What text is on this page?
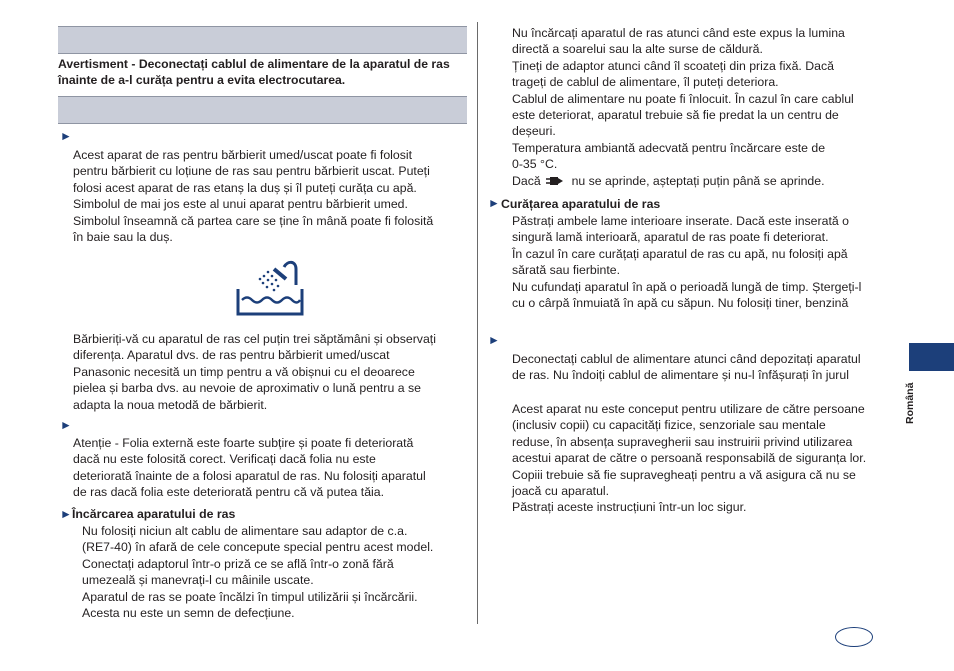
Avertisment - Deconectați cablul de alimentare de la aparatul de ras înainte de a-l curăța pentru a evita electrocutarea.
►

Acest aparat de ras pentru bărbierit umed/uscat poate fi folosit

pentru bărbierit cu loțiune de ras sau pentru bărbierit uscat. Puteți

folosi acest aparat de ras etanș la duș și îl puteți curăța cu apă.

Simbolul de mai jos este al unui aparat pentru bărbierit umed.

Simbolul înseamnă că partea care se ține în mână poate fi folosită

în baie sau la duș.

Bărbieriți-vă cu aparatul de ras cel puțin trei săptămâni și observați

diferența. Aparatul dvs. de ras pentru bărbierit umed/uscat

Panasonic necesită un timp pentru a vă obișnui cu el deoarece

pielea și barba dvs. au nevoie de aproximativ o lună pentru a se

adapta la noua metodă de bărbierit.

►

Atenție - Folia externă este foarte subțire și poate fi deteriorată

dacă nu este folosită corect. Verificați dacă folia nu este

deteriorată înainte de a folosi aparatul de ras. Nu folosiți aparatul

de ras dacă folia este deteriorată pentru că vă putea tăia.

► Încărcarea aparatului de ras

Nu folosiți niciun alt cablu de alimentare sau adaptor de c.a.

(RE7-40) în afară de cele concepute special pentru acest model.

Conectați adaptorul într-o priză ce se află într-o zonă fără

umezeală și manevrați-l cu mâinile uscate.

Aparatul de ras se poate încălzi în timpul utilizării și încărcării.

Acesta nu este un semn de defecțiune.

Nu încărcați aparatul de ras atunci când este expus la lumina

directă a soarelui sau la alte surse de căldură.

Țineți de adaptor atunci când îl scoateți din priza fixă. Dacă

trageți de cablul de alimentare, îl puteți deteriora.

Cablul de alimentare nu poate fi înlocuit. În cazul în care cablul

este deteriorat, aparatul trebuie să fie predat la un centru de

deșeuri.

Temperatura ambiantă adecvată pentru încărcare este de

0-35 °C.

Dacă	nu se aprinde, așteptați puțin până se aprinde.

► Curățarea aparatului de ras

Păstrați ambele lame interioare inserate. Dacă este inserată o

singură lamă interioară, aparatul de ras poate fi deteriorat.

În cazul în care curățați aparatul de ras cu apă, nu folosiți apă

sărată sau fierbinte.

Nu cufundați aparatul în apă o perioadă lungă de timp. Ștergeți-l

cu o cârpă înmuiată în apă cu săpun. Nu folosiți tiner, benzină

►

Deconectați cablul de alimentare atunci când depozitați aparatul

de ras. Nu îndoiți cablul de alimentare și nu-l înfășurați în jurul

Acest aparat nu este conceput pentru utilizare de către persoane

(inclusiv copii) cu capacități fizice, senzoriale sau mentale

reduse, în absența supravegherii sau instruirii privind utilizarea

acestui aparat de către o persoană responsabilă de siguranța lor.

Copiii trebuie să fie supravegheați pentru a vă asigura că nu se

joacă cu aparatul.

Păstrați aceste instrucțiuni într-un loc sigur.

Română
